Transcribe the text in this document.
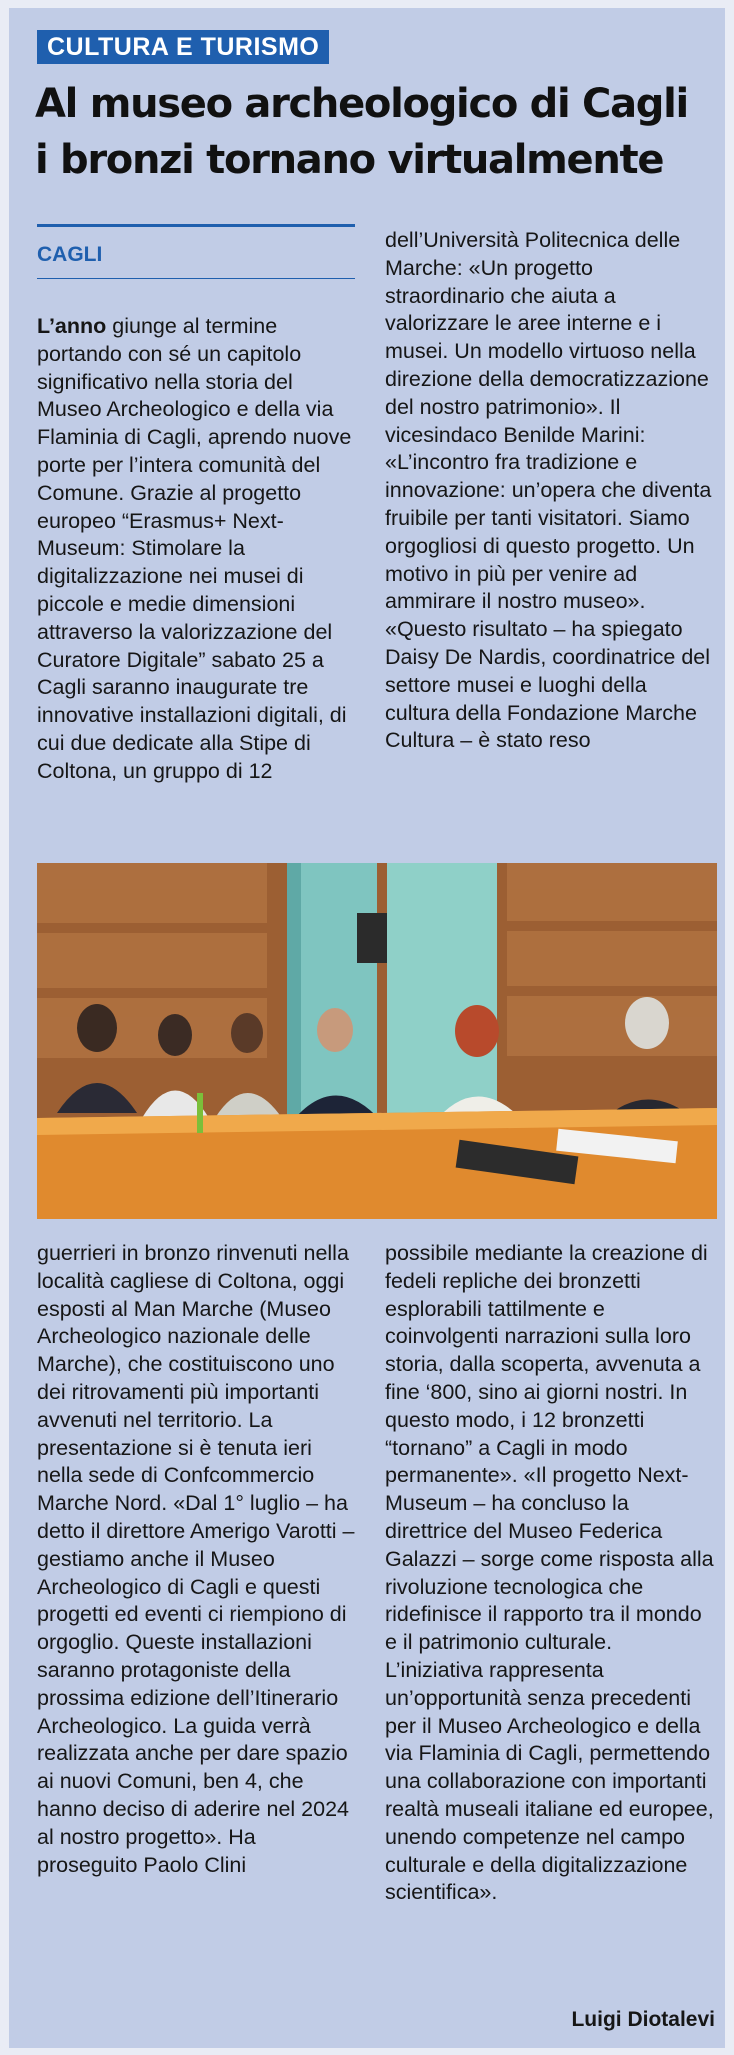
CULTURA E TURISMO
Al museo archeologico di Cagli
i bronzi tornano virtualmente
CAGLI

L’anno giunge al termine portando con sé un capitolo significativo nella storia del Museo Archeologico e della via Flaminia di Cagli, aprendo nuove porte per l’intera comunità del Comune. Grazie al progetto europeo “Erasmus+ Next-Museum: Stimolare la digitalizzazione nei musei di piccole e medie dimensioni attraverso la valorizzazione del Curatore Digitale” sabato 25 a Cagli saranno inaugurate tre innovative installazioni digitali, di cui due dedicate alla Stipe di Coltona, un gruppo di 12

dell’Università Politecnica delle Marche: «Un progetto straordinario che aiuta a valorizzare le aree interne e i musei. Un modello virtuoso nella direzione della democratizzazione del nostro patrimonio». Il vicesindaco Benilde Marini: «L’incontro fra tradizione e innovazione: un’opera che diventa fruibile per tanti visitatori. Siamo orgogliosi di questo progetto. Un motivo in più per venire ad ammirare il nostro museo». «Questo risultato – ha spiegato Daisy De Nardis, coordinatrice del settore musei e luoghi della cultura della Fondazione Marche Cultura – è stato reso

guerrieri in bronzo rinvenuti nella località cagliese di Coltona, oggi esposti al Man Marche (Museo Archeologico nazionale delle Marche), che costituiscono uno dei ritrovamenti più importanti avvenuti nel territorio. La presentazione si è tenuta ieri nella sede di Confcommercio Marche Nord. «Dal 1° luglio – ha detto il direttore Amerigo Varotti – gestiamo anche il Museo Archeologico di Cagli e questi progetti ed eventi ci riempiono di orgoglio. Queste installazioni saranno protagoniste della prossima edizione dell’Itinerario Archeologico. La guida verrà realizzata anche per dare spazio ai nuovi Comuni, ben 4, che hanno deciso di aderire nel 2024 al nostro progetto». Ha proseguito Paolo Clini

possibile mediante la creazione di fedeli repliche dei bronzetti esplorabili tattilmente e coinvolgenti narrazioni sulla loro storia, dalla scoperta, avvenuta a fine ‘800, sino ai giorni nostri. In questo modo, i 12 bronzetti “tornano” a Cagli in modo permanente». «Il progetto Next-Museum – ha concluso la direttrice del Museo Federica Galazzi – sorge come risposta alla rivoluzione tecnologica che ridefinisce il rapporto tra il mondo e il patrimonio culturale. L’iniziativa rappresenta un’opportunità senza precedenti per il Museo Archeologico e della via Flaminia di Cagli, permettendo una collaborazione con importanti realtà museali italiane ed europee, unendo competenze nel campo culturale e della digitalizzazione scientifica».

Luigi Diotalevi
